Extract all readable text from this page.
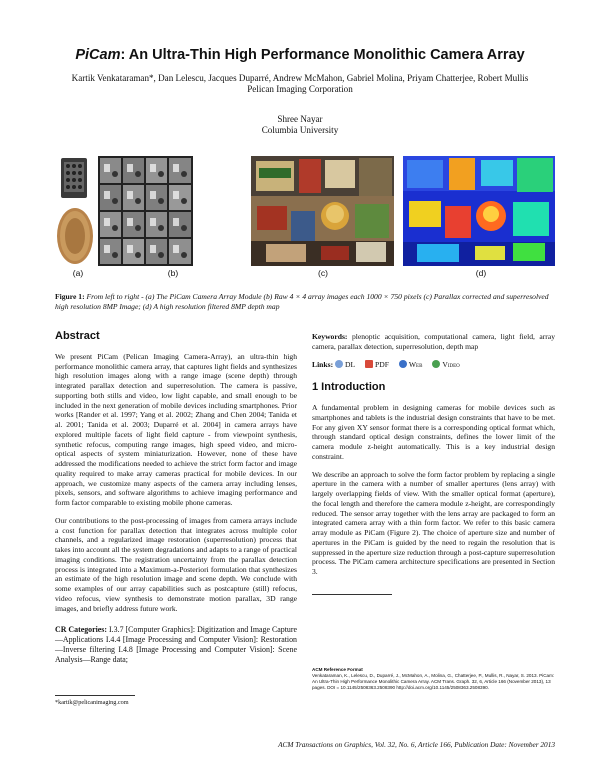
PiCam: An Ultra-Thin High Performance Monolithic Camera Array
Kartik Venkataraman*, Dan Lelescu, Jacques Duparré, Andrew McMahon, Gabriel Molina, Priyam Chatterjee, Robert Mullis
Pelican Imaging Corporation
Shree Nayar
Columbia University
(a)	(b)	(c)	(d)
Figure 1: From left to right - (a) The PiCam Camera Array Module (b) Raw 4 × 4 array images each 1000 × 750 pixels (c) Parallax corrected and superresolved high resolution 8MP Image; (d) A high resolution filtered 8MP depth map
Abstract

We present PiCam (Pelican Imaging Camera-Array), an ultra-thin high performance monolithic camera array, that captures light fields and synthesizes high resolution images along with a range image (scene depth) through integrated parallax detection and superresolution. The camera is passive, supporting both stills and video, low light capable, and small enough to be included in the next generation of mobile devices including smartphones. Prior works [Rander et al. 1997; Yang et al. 2002; Zhang and Chen 2004; Tanida et al. 2001; Tanida et al. 2003; Duparré et al. 2004] in camera arrays have explored multiple facets of light field capture - from viewpoint synthesis, synthetic refocus, computing range images, high speed video, and micro-optical aspects of system miniaturization. However, none of these have addressed the modifications needed to achieve the strict form factor and image quality required to make array cameras practical for mobile devices. In our approach, we customize many aspects of the camera array including lenses, pixels, sensors, and software algorithms to achieve imaging performance and form factor comparable to existing mobile phone cameras.

Our contributions to the post-processing of images from camera arrays include a cost function for parallax detection that integrates across multiple color channels, and a regularized image restoration (superresolution) process that takes into account all the system degradations and adapts to a range of practical imaging conditions. The registration uncertainty from the parallax detection process is integrated into a Maximum-a-Posteriori formulation that synthesizes an estimate of the high resolution image and scene depth. We conclude with some examples of our array capabilities such as postcapture (still) refocus, video refocus, view synthesis to demonstrate motion parallax, 3D range images, and briefly address future work.

CR Categories: I.3.7 [Computer Graphics]: Digitization and Image Capture—Applications I.4.4 [Image Processing and Computer Vision]: Restoration—Inverse filtering I.4.8 [Image Processing and Computer Vision]: Scene Analysis—Range data;

*kartik@pelicanimaging.com

Keywords: plenoptic acquisition, computational camera, light field, array camera, parallax detection, superresolution, depth map

Links: DL	PDF	Web	Video

1 Introduction

A fundamental problem in designing cameras for mobile devices such as smartphones and tablets is the industrial design constraints that have to be met. For any given XY sensor format there is a corresponding optical format which, through standard optical design constraints, defines the lower limit of the camera module z-height automatically. This is a key industrial design constraint.

We describe an approach to solve the form factor problem by replacing a single aperture in the camera with a number of smaller apertures (lens array) with largely overlapping fields of view. With the smaller optical format (aperture), the focal length and therefore the camera module z-height, are correspondingly reduced. The sensor array together with the lens array are packaged to form an integrated camera array with a thin form factor. We refer to this basic camera array module as PiCam (Figure 2). The choice of aperture size and number of apertures in the PiCam is guided by the need to regain the resolution that is suppressed in the aperture size reduction through a post-capture superresolution process. The PiCam camera architecture specifications are presented in Section 3.

ACM Reference Format
Venkataraman, K., Lelescu, D., Duparré, J., McMahon, A., Molina, G., Chatterjee, P., Mullis, R., Nayar, S. 2013. PiCam: An Ultra-Thin High Performance Monolithic Camera Array. ACM Trans. Graph. 32, 6, Article 166 (November 2013), 13 pages. DOI = 10.1145/2508363.2508390 http://doi.acm.org/10.1145/2508363.2508390.
ACM Transactions on Graphics, Vol. 32, No. 6, Article 166, Publication Date: November 2013
